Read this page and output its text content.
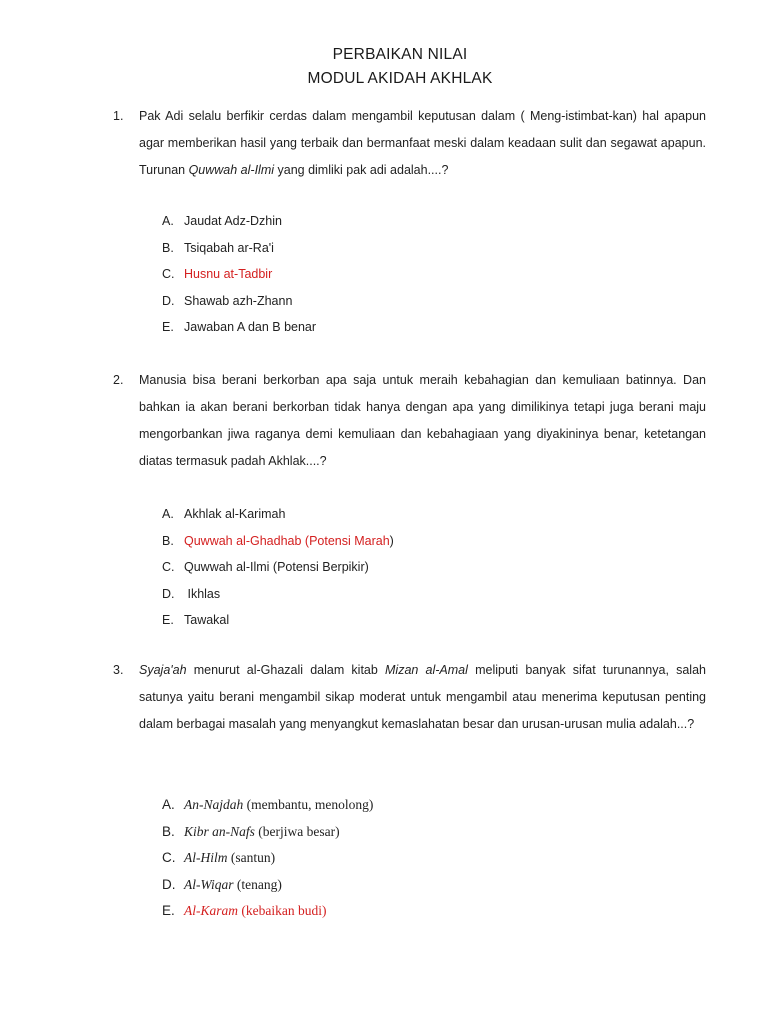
PERBAIKAN NILAI
MODUL AKIDAH AKHLAK
1. Pak Adi selalu berfikir cerdas dalam mengambil keputusan dalam ( Meng-istimbat-kan) hal apapun agar memberikan hasil yang terbaik dan bermanfaat meski dalam keadaan sulit dan segawat apapun. Turunan Quwwah al-Ilmi yang dimliki pak adi adalah....?
A. Jaudat Adz-Dzhin
B. Tsiqabah ar-Ra'i
C. Husnu at-Tadbir
D. Shawab azh-Zhann
E. Jawaban A dan B benar
2. Manusia bisa berani berkorban apa saja untuk meraih kebahagian dan kemuliaan batinnya. Dan bahkan ia akan berani berkorban tidak hanya dengan apa yang dimilikinya tetapi juga berani maju mengorbankan jiwa raganya demi kemuliaan dan kebahagiaan yang diyakininya benar, ketetangan diatas termasuk padah Akhlak....?
A. Akhlak al-Karimah
B. Quwwah al-Ghadhab (Potensi Marah)
C. Quwwah al-Ilmi (Potensi Berpikir)
D. Ikhlas
E. Tawakal
3. Syaja'ah menurut al-Ghazali dalam kitab Mizan al-Amal meliputi banyak sifat turunannya, salah satunya yaitu berani mengambil sikap moderat untuk mengambil atau menerima keputusan penting dalam berbagai masalah yang menyangkut kemaslahatan besar dan urusan-urusan mulia adalah...?
A. An-Najdah (membantu, menolong)
B. Kibr an-Nafs (berjiwa besar)
C. Al-Hilm (santun)
D. Al-Wiqar (tenang)
E. Al-Karam (kebaikan budi)
